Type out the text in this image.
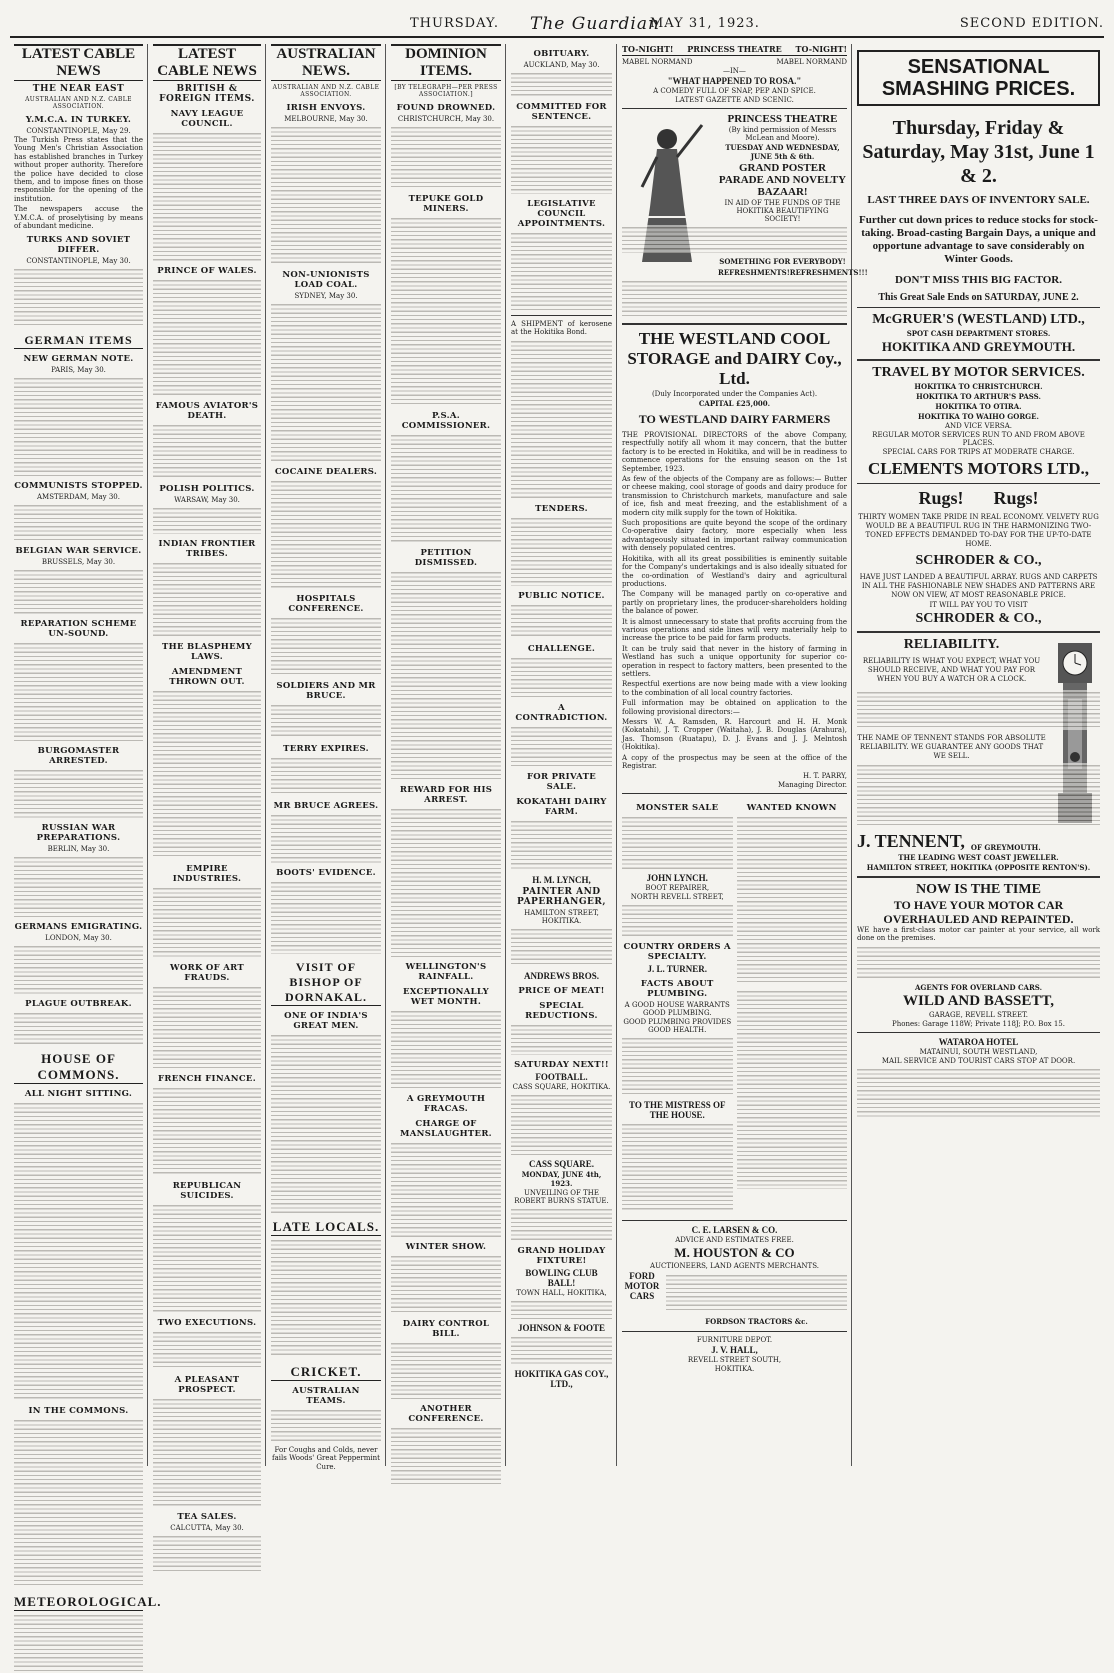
THURSDAY. The Guardian
MAY 31, 1923.	SECOND EDITION.
LATEST CABLE NEWS
THE NEAR EAST
AUSTRALIAN AND N.Z. CABLE ASSOCIATION.
Y.M.C.A. IN TURKEY.
CONSTANTINOPLE, May 29.
The Turkish Press states that the Young Men's Christian Association has established branches in Turkey without proper authority. Therefore the police have decided to close them, and to impose fines on those responsible for the opening of the institution.
The newspapers accuse the Y.M.C.A. of proselytising by means of abundant medicine.
TURKS AND SOVIET DIFFER.
CONSTANTINOPLE, May 30.
GERMAN ITEMS
NEW GERMAN NOTE.
PARIS, May 30.
COMMUNISTS STOPPED.
AMSTERDAM, May 30.
BELGIAN WAR SERVICE.
BRUSSELS, May 30.
REPARATION SCHEME UN-SOUND.
BURGOMASTER ARRESTED.
RUSSIAN WAR PREPARATIONS.
BERLIN, May 30.
GERMANS EMIGRATING.
LONDON, May 30.
PLAGUE OUTBREAK.
HOUSE OF COMMONS.
ALL NIGHT SITTING.
IN THE COMMONS.
METEOROLOGICAL.
LATEST CABLE NEWS
BRITISH & FOREIGN ITEMS.
NAVY LEAGUE COUNCIL.
PRINCE OF WALES.
FAMOUS AVIATOR'S DEATH.
POLISH POLITICS.
WARSAW, May 30.
INDIAN FRONTIER TRIBES.
THE BLASPHEMY LAWS.
AMENDMENT THROWN OUT.
EMPIRE INDUSTRIES.
WORK OF ART FRAUDS.
FRENCH FINANCE.
REPUBLICAN SUICIDES.
TWO EXECUTIONS.
A PLEASANT PROSPECT.
TEA SALES.
CALCUTTA, May 30.
AUSTRALIAN NEWS.
AUSTRALIAN AND N.Z. CABLE ASSOCIATION.
IRISH ENVOYS.
MELBOURNE, May 30.
NON-UNIONISTS LOAD COAL.
SYDNEY, May 30.
COCAINE DEALERS.
HOSPITALS CONFERENCE.
SOLDIERS AND MR BRUCE.
TERRY EXPIRES.
MR BRUCE AGREES.
BOOTS' EVIDENCE.
VISIT OF BISHOP OF DORNAKAL.
ONE OF INDIA'S GREAT MEN.
LATE LOCALS.
CRICKET.
AUSTRALIAN TEAMS.
For Coughs and Colds, never fails Woods' Great Peppermint Cure.
DOMINION ITEMS.
[BY TELEGRAPH—PER PRESS ASSOCIATION.]
FOUND DROWNED.
CHRISTCHURCH, May 30.
TEPUKE GOLD MINERS.
P.S.A. COMMISSIONER.
PETITION DISMISSED.
REWARD FOR HIS ARREST.
WELLINGTON'S RAINFALL.
EXCEPTIONALLY WET MONTH.
A GREYMOUTH FRACAS.
CHARGE OF MANSLAUGHTER.
WINTER SHOW.
DAIRY CONTROL BILL.
ANOTHER CONFERENCE.
OBITUARY.
AUCKLAND, May 30.
COMMITTED FOR SENTENCE.
LEGISLATIVE COUNCIL APPOINTMENTS.
A SHIPMENT of kerosene at the Hokitika Bond.
TENDERS.
PUBLIC NOTICE.
CHALLENGE.
A CONTRADICTION.
FOR PRIVATE SALE.
KOKATAHI DAIRY FARM.
H. M. LYNCH,
PAINTER AND PAPERHANGER,
HAMILTON STREET, HOKITIKA.
ANDREWS BROS.
PRICE OF MEAT!
SPECIAL REDUCTIONS.
SATURDAY NEXT!!
FOOTBALL.
CASS SQUARE, HOKITIKA.
CASS SQUARE.
MONDAY, JUNE 4th, 1923.
UNVEILING OF THE ROBERT BURNS STATUE.
GRAND HOLIDAY FIXTURE!
BOWLING CLUB BALL!
TOWN HALL, HOKITIKA,
JOHNSON & FOOTE
HOKITIKA GAS COY., LTD.,
TO-NIGHT! PRINCESS THEATRE TO-NIGHT!
MABEL NORMAND	MABEL NORMAND
—IN—
"WHAT HAPPENED TO ROSA."
A COMEDY FULL OF SNAP, PEP AND SPICE.
LATEST GAZETTE AND SCENIC.
PRINCESS THEATRE
(By kind permission of Messrs McLean and Moore).
TUESDAY AND WEDNESDAY, JUNE 5th & 6th.
GRAND POSTER PARADE AND NOVELTY BAZAAR!
IN AID OF THE FUNDS OF THE HOKITIKA BEAUTIFYING SOCIETY!
SOMETHING FOR EVERYBODY!
REFRESHMENTS! REFRESHMENTS!!!
THE WESTLAND COOL STORAGE and DAIRY Coy., Ltd.
(Duly Incorporated under the Companies Act).
CAPITAL £25,000.
TO WESTLAND DAIRY FARMERS
THE PROVISIONAL DIRECTORS of the above Company, respectfully notify all whom it may concern, that the butter factory is to be erected in Hokitika, and will be in readiness to commence operations for the ensuing season on the 1st September, 1923.
As few of the objects of the Company are as follows:— Butter or cheese making, cool storage of goods and dairy produce for transmission to Christchurch markets, manufacture and sale of ice, fish and meat freezing, and the establishment of a modern city milk supply for the town of Hokitika.
Such propositions are quite beyond the scope of the ordinary Co-operative dairy factory, more especially when less advantageously situated in important railway communication with densely populated centres.
Hokitika, with all its great possibilities is eminently suitable for the Company's undertakings and is also ideally situated for the co-ordination of Westland's dairy and agricultural productions.
The Company will be managed partly on co-operative and partly on proprietary lines, the producer-shareholders holding the balance of power.
It is almost unnecessary to state that profits accruing from the various operations and side lines will very materially help to increase the price to be paid for farm products.
It can be truly said that never in the history of farming in Westland has such a unique opportunity for superior co-operation in respect to factory matters, been presented to the settlers.
Respectful exertions are now being made with a view looking to the combination of all local country factories.
Full information may be obtained on application to the following provisional directors:—
Messrs W. A. Ramsden, R. Harcourt and H. H. Monk (Kokatahi), J. T. Cropper (Waitaha), J. B. Douglas (Arahura), Jas. Thomson (Ruatapu), D. J. Evans and J. J. Melntosh (Hokitika).
A copy of the prospectus may be seen at the office of the Registrar.
H. T. PARRY,
Managing Director.
MONSTER SALE
JOHN LYNCH.
BOOT REPAIRER,
NORTH REVELL STREET,
COUNTRY ORDERS A SPECIALTY.
J. L. TURNER.
FACTS ABOUT PLUMBING.
A GOOD HOUSE WARRANTS GOOD PLUMBING.
GOOD PLUMBING PROVIDES GOOD HEALTH.
TO THE MISTRESS OF THE HOUSE.
WANTED KNOWN
C. E. LARSEN & CO.
ADVICE AND ESTIMATES FREE.
M. HOUSTON & CO
AUCTIONEERS, LAND AGENTS MERCHANTS.
FORD
MOTOR
CARS
FORDSON TRACTORS &c.
FURNITURE DEPOT.
J. V. HALL,
REVELL STREET SOUTH,
HOKITIKA.
SENSATIONAL SMASHING PRICES.
Thursday, Friday & Saturday, May 31st, June 1 & 2.
LAST THREE DAYS OF INVENTORY SALE.
Further cut down prices to reduce stocks for stock-taking. Broad-casting Bargain Days, a unique and opportune advantage to save considerably on Winter Goods.
DON'T MISS THIS BIG FACTOR.
This Great Sale Ends on SATURDAY, JUNE 2.
McGRUER'S (WESTLAND) LTD.,
SPOT CASH DEPARTMENT STORES.
HOKITIKA AND GREYMOUTH.
TRAVEL BY MOTOR SERVICES.
HOKITIKA TO CHRISTCHURCH.
HOKITIKA TO ARTHUR'S PASS.
HOKITIKA TO OTIRA.
HOKITIKA TO WAIHO GORGE.
AND VICE VERSA.
REGULAR MOTOR SERVICES RUN TO AND FROM ABOVE PLACES.
SPECIAL CARS FOR TRIPS AT MODERATE CHARGE.
CLEMENTS MOTORS LTD.,
Rugs! Rugs!
THIRTY WOMEN TAKE PRIDE IN REAL ECONOMY. VELVETY RUG WOULD BE A BEAUTIFUL RUG IN THE HARMONIZING TWO-TONED EFFECTS DEMANDED TO-DAY FOR THE UP-TO-DATE HOME.
SCHRODER & CO.,
HAVE JUST LANDED A BEAUTIFUL ARRAY. RUGS AND CARPETS IN ALL THE FASHIONABLE NEW SHADES AND PATTERNS ARE NOW ON VIEW, AT MOST REASONABLE PRICE.
IT WILL PAY YOU TO VISIT
SCHRODER & CO.,
RELIABILITY.
RELIABILITY IS WHAT YOU EXPECT, WHAT YOU SHOULD RECEIVE, AND WHAT YOU PAY FOR WHEN YOU BUY A WATCH OR A CLOCK.
THE NAME OF TENNENT STANDS FOR ABSOLUTE RELIABILITY. WE GUARANTEE ANY GOODS THAT WE SELL.
J. TENNENT, OF GREYMOUTH.
THE LEADING WEST COAST JEWELLER.
HAMILTON STREET, HOKITIKA (OPPOSITE RENTON'S).
NOW IS THE TIME
TO HAVE YOUR MOTOR CAR OVERHAULED AND REPAINTED.
WE have a first-class motor car painter at your service, all work done on the premises.
AGENTS FOR OVERLAND CARS.
WILD AND BASSETT,
GARAGE, REVELL STREET.
Phones: Garage 118W; Private 118J; P.O. Box 15.
WATAROA HOTEL
MATAINUI, SOUTH WESTLAND,
MAIL SERVICE AND TOURIST CARS STOP AT DOOR.
